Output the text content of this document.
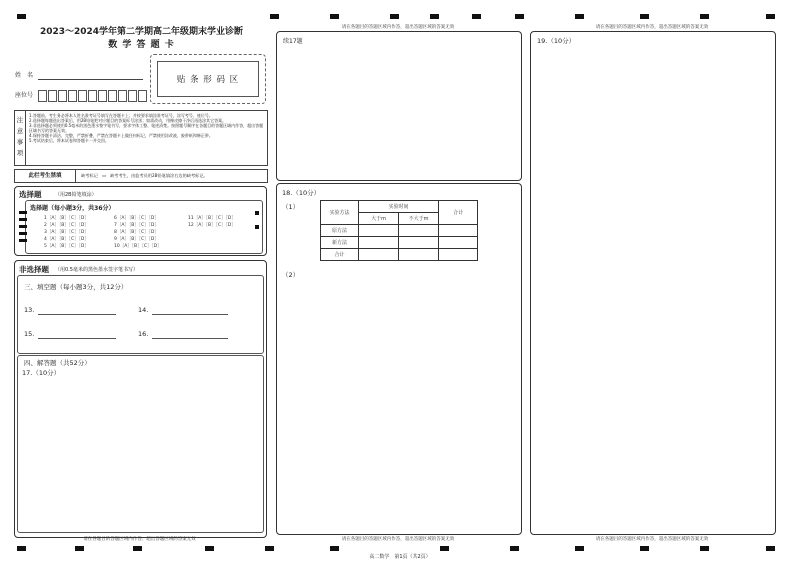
2023～2024学年第二学期高二年级期末学业诊断
数 学 答 题 卡
姓　名
座位号
贴 条 形 码 区
注意事项
1.答题前，考生务必将本人姓名准考证号填写在答题卡上；并按要求填涂准考证号，涂写考号、座位号。
2.选择题每题选出答案后，用2B铅笔把对应题目的答案标号涂黑；如需改动，用橡皮擦干净后再选涂其它答案。
3.非选择题必须使用0.5毫米的黑色墨水签字笔书写，要求字体工整、笔迹清楚。按照题号顺序在各题目的答题区域内作答，超出答题区域书写的答案无效。
4.保持答题卡清洁、完整，严禁折叠，严禁在答题卡上做任何标记，严禁使用涂改液、胶带纸和修正带。
5.考试结束后，将本试卷和答题卡一并交回。
此栏考生禁填	缺考标记　▭　缺考考生，由监考员用2B铅笔填涂右边的缺考标记。
选择题	（用2B铅笔填涂）
选择题（每小题3分，共36分）
1［A］［B］［C］［D］
2［A］［B］［C］［D］
3［A］［B］［C］［D］
4［A］［B］［C］［D］
5［A］［B］［C］［D］
6［A］［B］［C］［D］
7［A］［B］［C］［D］
8［A］［B］［C］［D］
9［A］［B］［C］［D］
10［A］［B］［C］［D］
11［A］［B］［C］［D］
12［A］［B］［C］［D］
非选择题 （用0.5毫米的黑色墨水签字笔书写）
三、填空题（每小题3分，共12分）
13.	14.
15.	16.
四、解答题（共52分）
17.（10分）
请在各题目的答题区域内作答，超出答题区域的答案无效
请在各题目的答题区域内作答，超出答题区域的答案无效
续17题
18.（10分）
（1）
实验方法	实验时间		合计
	大于m	不大于m	
原方法			
新方法			
合计			
（2）
请在各题目的答题区域内作答，超出答题区域的答案无效
请在各题目的答题区域内作答，超出答题区域的答案无效
19.（10分）
请在各题目的答题区域内作答，超出答题区域的答案无效
高二数学　第1页（共2页）
